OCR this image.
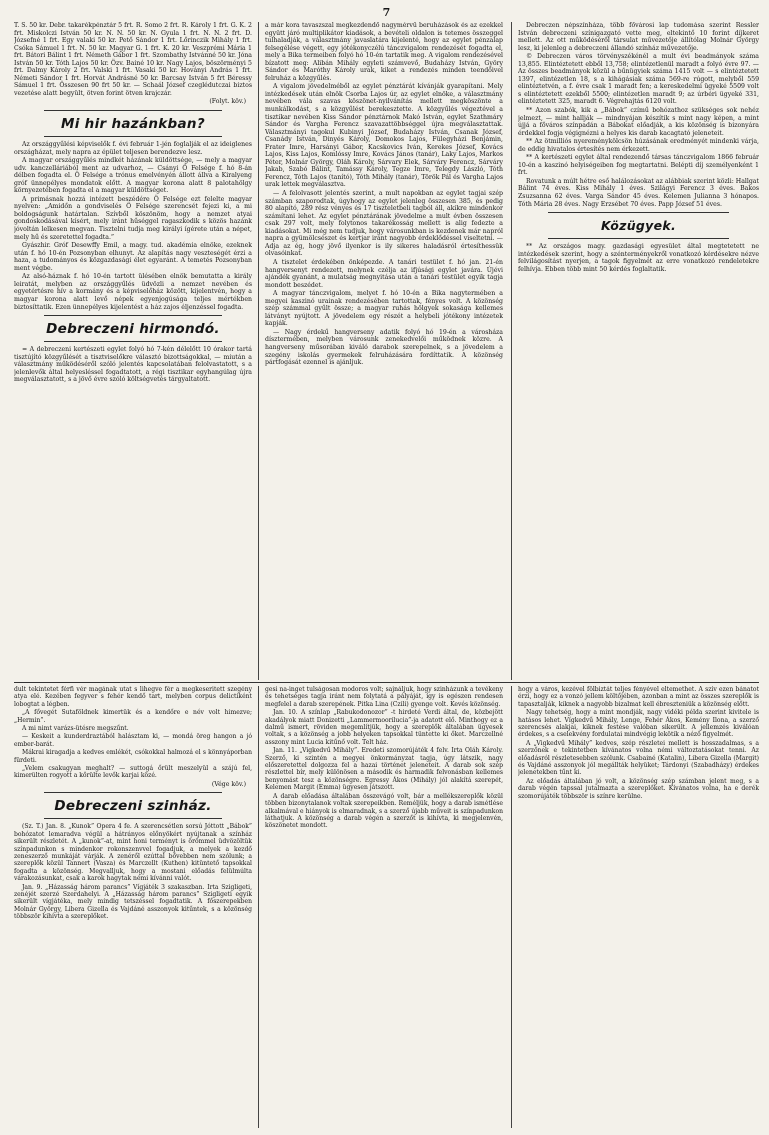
7

T. S. 50 kr. Debr. takarékpénztár 5 frt. R. Somo 2 frt. R. Károly 1 frt. G. K. 2 frt. Miskolczi István 50 kr. N. N. 50 kr. N. Gyula 1 frt. N. N. 2 frt. D. Józsefné 1 frt. Egy valaki 50 kr. Pető Sándor 1 frt. Lőrinczik Mihály 1 frt. Csóka Sámuel 1 frt. N. 50 kr. Magyar G. 1 frt. K. 20 kr. Veszprémi Mária 1 frt. Bátori Bálint 1 frt. Németh Gábor 1 frt. Szombathy Istvánné 50 kr. Jóna István 50 kr. Tóth Lajos 50 kr. Özv. Bainé 10 kr. Nagy Lajos, böszörményi 5 frt. Dalmy Károly 2 frt. Valski 1 frt. Vasaki 50 kr. Hoványi András 1 frt. Németi Sándor 1 frt. Horvát Andrásné 50 kr. Barcsay István 5 frt Béressy Sámuel 1 frt. Összesen 90 frt 50 kr. — Schaál József czeglédutczai biztos vezetése alatt begyült, ötven forint ötven krajczár.

(Folyt. köv.)
Mi hir hazánkban?

Az országgyűlési képviselők f. évi február 1-jén foglalják el az ideiglenes országházat, mely napra az épület teljesen berendezve lesz.

A magyar országgyűlés mindkét házának küldöttsége, — mely a magyar udv. kanczelláriából ment az udvarhoz, — Csányi Ö Felsége f. hó 8-án délben fogadta el. Ö Felsége a trónus emelvényén állott állva a Kiralyeng gróf ünnepélyes mondatok előtt. A magyar korona alatt 8 palotahölgy környezetében fogadta el a magyar küldöttséget.

A primásnak hozzá intézett beszédére Ö Felsége ezt felelte magyar nyelven: „Amidőn a gondviselés Ö Felsége szerencsét fejezi ki, a mi boldogságunk határtalan. Szívből köszönöm, hogy a nemzet atyai gondoskodásával kísért, mely iránt hűséggel ragaszkodik s közös hazánk jóvoltán lelkesen megvan. Tisztelni tudja meg királyi ígérete után a népet, mely hű és szeretettel fogadta.”

Gyászhir. Gróf Desewffy Emil, a magy. tud. akadémia elnöke, ezeknek után f. hó 10-én Pozsonyban elhunyt. Az alapítás nagy veszteségét érzi a haza, a tudományos és közgazdasági élet egyaránt. A temetés Pozsonyban ment végbe.

Az alsó-háznak f. hó 10-én tartott ülésében elnök bemutatta a király leiratát, melyben az országgyűlés üdvözli a nemzet nevében és egyetértésre hív a kormány és a képviselőház között, kijelentvén, hogy a magyar korona alatt levő népek egyenjogúsága teljes mértékben biztosíttatik. Ezen ünnepélyes kijelentést a ház zajos éljenzéssel fogadta.

Debreczeni hirmondó.

= A debreczeni kertészeti egylet folyó hó 7-kén délelőtt 10 órakor tartá tisztújító közgyűlését a tisztviselőkre választó bizottságokkal, — miután a választmány működéséről szóló jelentés kapcsolatában felolvastatott, s a jelenlevők által helyesléssel fogadtatott, a régi tisztikar egyhangúlag újra megválasztatott, s a jövő évre szóló költségvetés tárgyaltatott.

a már kora tavaszszal megkezdendő nagymérvű beruházások és az ezekkel együtt járó multiplikátor kiadások, a bevételi oldalon is tetemes összeggel tulhaladják, a választmány javaslatára kijelenté, hogy az egylet pénzalap felsegélése végett, egy jótékonyczélú tánczvigalom rendezését fogadta el, mely a Bika termeiben folyó hó 10-én tartatik meg. A vigalom rendezésével bízatott meg: Alibán Mihály egyleti számvevő, Budaházy István, Györy Sándor és Maróthy Károly urak, kiket a rendezés minden teendőivel felruház a közgyűlés.

A vigalom jövedelméből az egylet pénztárát kívánják gyarapítani. Mely intézkedések után elnök Csorba Lajos úr, az egylet elnöke, a választmány nevében vála szavas köszönet-nyilvánítás mellett megköszönte a munkálkodást, s a közgyűlést berekesztette. A közgyűlés végeztével a tisztikar nevében Kiss Sándor pénztárnok Makó István, egylet Szathmáry Sándor és Vargha Ferencz szavazattöbbséggel újra megválasztattak. Választmányi tagokul Kubinyi József, Budaházy István, Csanak József, Csanády István, Dinyés Károly, Domokos Lajos, Fülegyházi Benjámin, Frater Imre, Harsányi Gábor, Kacskovics Iván, Kerekes József, Kovács Lajos, Kiss Lajos, Komlóssy Imre, Kovács János (tanár), Laky Lajos, Markos Péter, Molnár György, Oláh Károly, Sárvary Elek, Sárváry Ferencz, Sárváry Jakab, Szabó Bálint, Tamássy Károly, Tegze Imre, Telegdy László, Tóth Ferencz, Tóth Lajos (tanító), Tóth Mihály (tanár), Török Pál és Vargha Lajos urak lettek megválasztva.

— A felolvasott jelentés szerint, a mult napokban az egylet tagjai szép számban szaporodtak, úgyhogy az egylet jelenleg összesen 385, és pedig 80 alapító, 289 rész vényes és 17 tiszteletbeli tagból áll, akikre mindenkor számítani lehet. Az egylet pénztárának jövedelme a mult évben összesen csak 297 volt, mely folytonos takarékosság mellett is alig fedezte a kiadásokat. Mi még nem tudjuk, hogy városunkban is kezdenek már napról napra a gyümölcsészet és kertjar iránt nagyobb érdeklődéssel viseltetni. — Adja az ég, hogy jövő ilyenkor is ily sikeres haladásról értesíthessük olvasóinkat.

A tisztelet érdekében önképezde. A tanári testület f. hó jan. 21-én hangversenyt rendezett, melynek czélja az ifjúsági egylet javára. Újévi ajándék gyanánt, a mulatság megnyitása után a tanári testület egyik tagja mondott beszédet.

A magyar tánczvigalom, melyet f. hó 10-én a Bika nagytermében a megyei kaszinó urainak rendezésében tartottak, fényes volt. A közönség szép számmal gyűlt össze; a magyar ruhás hölgyek sokasága kellemes látványt nyújtott. A jövedelem egy részét a helybeli jótékony intézetek kapják.

— Nagy érdekű hangverseny adatik folyó hó 19-én a városháza dísztermében, melyben városunk zenekedvelői működnek közre. A hangverseny műsorában kiváló darabok szerepelnek, s a jövedelem a szegény iskolás gyermekek felruházására fordíttatik. A közönség pártfogását ezennel is ajánljuk.

Debreczen népszínháza, több fővárosi lap tudomása szerint Ressler István debreczeni színigazgató vette meg, eltekintő 10 forint díjkeret mellett. Az ott működéséről társulat művezetője állítólag Molnár György lesz, ki jelenleg a debreczeni állandó színház művezetője.

© Debreczen város törvényszékénél a mult évi beadmányok száma 13,855. Elintéztetett ebből 13,758; elintézetlenül maradt a folyó évre 97. — Az összes beadmányok közül a bűnügyiek száma 1415 volt — s elintéztetett 1397, elintézetlen 18, s a kihágásiak száma 569-re rúgott, melyből 559 elintéztetvén, a f. évre csak 1 maradt fen; a kereskedelmi ügyeké 5509 volt s elintéztetett ezekből 5500; elintézetlen maradt 9; az úrbéri ügyeké 331, elintéztetett 325, maradt 6. Végrehajtás 6120 volt.

** Azon szabók, kik a „Bábok” czímű bohózathoz szükséges sok nehéz jelmezt, — mint hallják — mindnyájan készítik s mint nagy képen, a mint újjá a főváros színpadán a Bábokat előadják, a kis közönség is bizonyára érdekkel fogja végignézni a helyes kis darab kacagtató jeleneteit.

** Az ötmilliós nyereménykölcsön húzásának eredményét mindenki várja, de eddig hivatalos értesítés nem érkezett.

** A kertészeti egylet által rendezendő társas tánczvigalom 1866 február 10-én a kaszinó helyiségeiben fog megtartatni. Belépti díj személyenként 1 frt.

Rovatunk a múlt hétre eső halálozásokat az alábbiak szerint közli: Hallgat Bálint 74 éves. Kiss Mihály 1 éves. Szilágyi Ferencz 3 éves. Bakos Zsuzsanna 62 éves. Varga Sándor 45 éves. Kelemen Julianna 3 hónapos. Tóth Mária 28 éves. Nagy Erzsébet 70 éves. Papp József 51 éves.

Közügyek.

** Az országos magy. gazdasági egyesület által megtetetett ne intézkedések szerint, hogy a szénterményekről vonatkozó kérdésekre nézve felvilágosítást nyerjen, a tagok figyelmét az erre vonatkozó rendeletekre felhívja. Ebben több mint 50 kérdés foglaltatik.

dult tekintetet férfi vér magának utat s lihegve fér a megkeseritett szegény atya elé. Kezében fegyver s fehér kendő tart, melyben corpus delictiként lobogtat a légben.

„A fővegét Sutaföldnek kimertük és a kendőre e név volt himezve; „Hermin”.

A mi nimt varázs-ütésre megszűnt.

— Keskeit a kunderdraztából halásztam ki, — mondá öreg hangon a jó ember-barát.

Mákrai kiragadja a kedves emlékét, csókokkal halmozá el s könnyáporban fürdeti.

„Velem csakugyan meghalt? — suttogá őrült meszelyül a szájú fel, kimerülten rogyott a kőrülte levők karjai közé.

(Vége köv.)
Debreczeni szinház.

(Sz. T.) Jan. 8. „Kunok” Opera 4 fe. A szerencsétlen sorsú Jóttott „Bábok” bohózatot lemaradva végül a hátrányos előnyökért nyújtanak a színház sikerült részletét. A „kunok”-at, mint honi terményt is örömmel üdvözöltük színpadunkon s mindenkor rokonszenvvel fogadjuk, a melyek a kezdő zeneszerző munkáját várják. A zenéről ezúttal bővebben nem szólunk; a szereplők közül Tannert (Vasza) és Marczellt (Kuthen) kitüntető tapsokkal fogadta a közönség. Megvalljuk, hogy a mostani előadás felülmúlta várakozásunkat, csak a karok hagytak némi kívánni valót.

Jan. 9. „Házasság három parancs” Vígjáték 3 szakaszban. Irta Szigligeti, zenéjét szerzé Szerdahelyi. A „Házasság három parancs” Szigligeti egyik sikerült vígjátéka, mely mindig tetszéssel fogadtatik. A főszerepekben Molnár György, Libera Gizella és Vajdáné asszonyok kitűntek, s a közönség többször kihívta a szereplőket.

gesi na-inget tulságosan modoros volt; sajnáljuk, hogy szinházunk a tevékeny és tehetséges tagja iránt nem folytatá a pályáját, így is egészen rendesen megfelel a darab szerepének. Pitka Lina (Czili) gyenge volt. Kevés közönség.

Jan. 10. A színlap „Rabukodonozor” -t hirdeté Verdi által, de, közbejött akadályok miatt Donizetti „Lammermoorilucia”-ja adatott elő. Minthogy ez a dalmű ismert, röviden megemlítjük, hogy a szereplők általában ügyesek voltak, s a közönség a jobb helyeken tapsokkal tüntette ki őket. Marczellné asszony mint Lucia kitűnő volt. Telt ház.

Jan. 11. „Vigkedvű Mihály”. Eredeti szomorújáték 4 felv. Irta Oláh Károly. Szerző, ki szintén a megyei önkormányzat tagja, úgy látszik, nagy előszeretettel dolgozza fel a hazai történet jeleneteit. A darab sok szép részlettel bír, mely különösen a második és harmadik felvonásban kellemes benyomást tesz a közönségre. Egressy Ákos (Mihály) jól alakítá szerepét, Kelemen Margit (Emma) ügyesen játszott.

A darab előadása általában összevágó volt, bár a mellékszereplők közül többen bizonytalanok voltak szerepeikben. Reméljük, hogy a darab ismétlése alkalmával e hiányok is elmaradnak, s a szerző újabb műveit is színpadunkon láthatjuk. A közönség a darab végén a szerzőt is kihívta, ki megjelenvén, köszönetet mondott.

hogy a város, kezével fölbiztát teljes fényével eltemethet. A szív ezen bánatot érzi, hogy ez a vonzó jellem költőjében, azonban a mint az összes szereplők is tapasztalják, kiknek a nagyobb bizalmat kell ébreszteniük a közönség előtt.

Nagy tehetség, hogy a mint mondják, nagy vidéki példa szerint kivitele is hatásos lehet. Vígkedvű Mihály, Lenge, Fehér Ákos, Kemény Ilona, a szerző szerencsés alakjai, kiknek festése valóban sikerült. A jellemzés kiválóan érdekes, s a cselekvény fordulatai mindvégig lekötik a néző figyelmét.

A „Vigkedvű Mihály” kedves, szép részletei mellett is hosszadalmas, s a szerzőnek e tekintetben kívánatos volna némi változtatásokat tenni. Az előadásról részletesebben szólunk. Csabainé (Katalin), Libera Gizella (Margit) és Vajdáné asszonyok jól megállták helyüket; Tárdonyi (Szabadházy) érdekes jelenetekben tűnt ki.

Az előadás általában jó volt, a közönség szép számban jelent meg, s a darab végén tapssal jutalmazta a szereplőket. Kívánatos volna, ha e derék szomorújáték többször is színre kerülne.
